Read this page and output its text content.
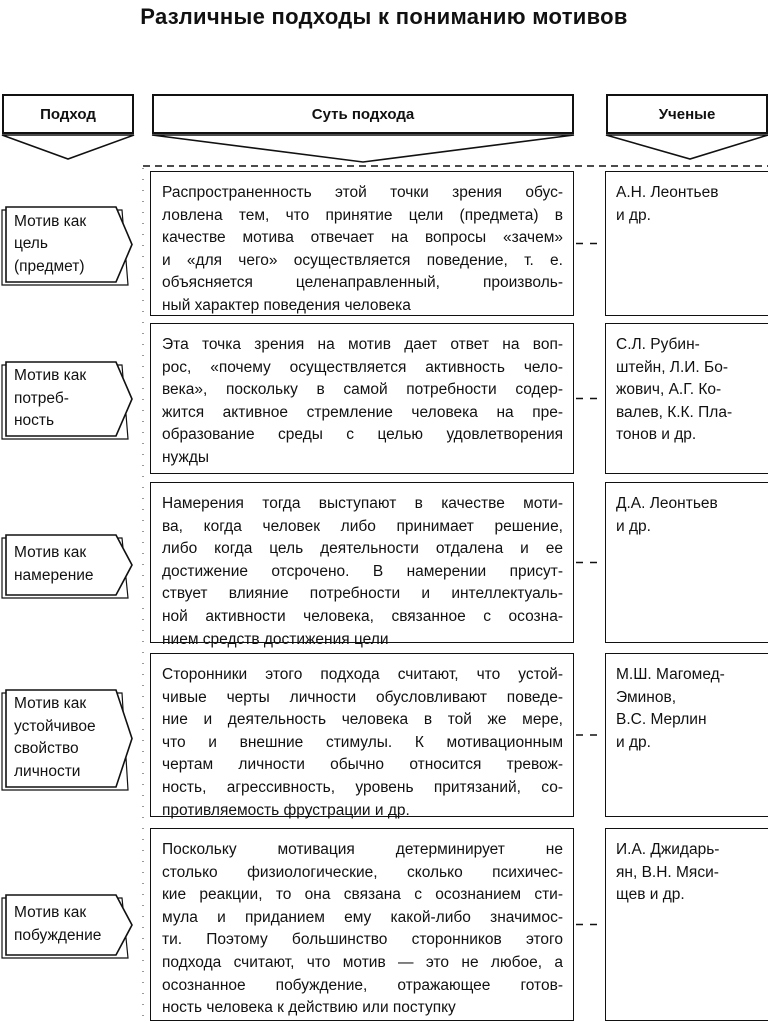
Различные подходы к пониманию мотивов
Подход	Суть подхода	Ученые
Распространенность этой точки зрения обус-
ловлена тем, что принятие цели (предмета) в
качестве мотива отвечает на вопросы «зачем»
и «для чего» осуществляется поведение, т. е.
объясняется целенаправленный, произволь-
ный характер поведения человека
А.Н. Леонтьев
и др.
Мотив как
цель
(предмет)
Эта точка зрения на мотив дает ответ на воп-
рос, «почему осуществляется активность чело-
века», поскольку в самой потребности содер-
жится активное стремление человека на пре-
образование среды с целью удовлетворения
нужды
С.Л. Рубин-
штейн, Л.И. Бо-
жович, А.Г. Ко-
валев, К.К. Пла-
тонов и др.
Мотив как
потреб-
ность
Намерения тогда выступают в качестве моти-
ва, когда человек либо принимает решение,
либо когда цель деятельности отдалена и ее
достижение отсрочено. В намерении присут-
ствует влияние потребности и интеллектуаль-
ной активности человека, связанное с осозна-
нием средств достижения цели
Д.А. Леонтьев
и др.
Мотив как
намерение
Сторонники этого подхода считают, что устой-
чивые черты личности обусловливают поведе-
ние и деятельность человека в той же мере,
что и внешние стимулы. К мотивационным
чертам личности обычно относится тревож-
ность, агрессивность, уровень притязаний, со-
противляемость фрустрации и др.
М.Ш. Магомед-
Эминов,
В.С. Мерлин
и др.
Мотив как
устойчивое
свойство
личности
Поскольку мотивация детерминирует не
столько физиологические, сколько психичес-
кие реакции, то она связана с осознанием сти-
мула и приданием ему какой-либо значимос-
ти. Поэтому большинство сторонников этого
подхода считают, что мотив — это не любое, а
осознанное побуждение, отражающее готов-
ность человека к действию или поступку
И.А. Джидарь-
ян, В.Н. Мяси-
щев и др.
Мотив как
побуждение
